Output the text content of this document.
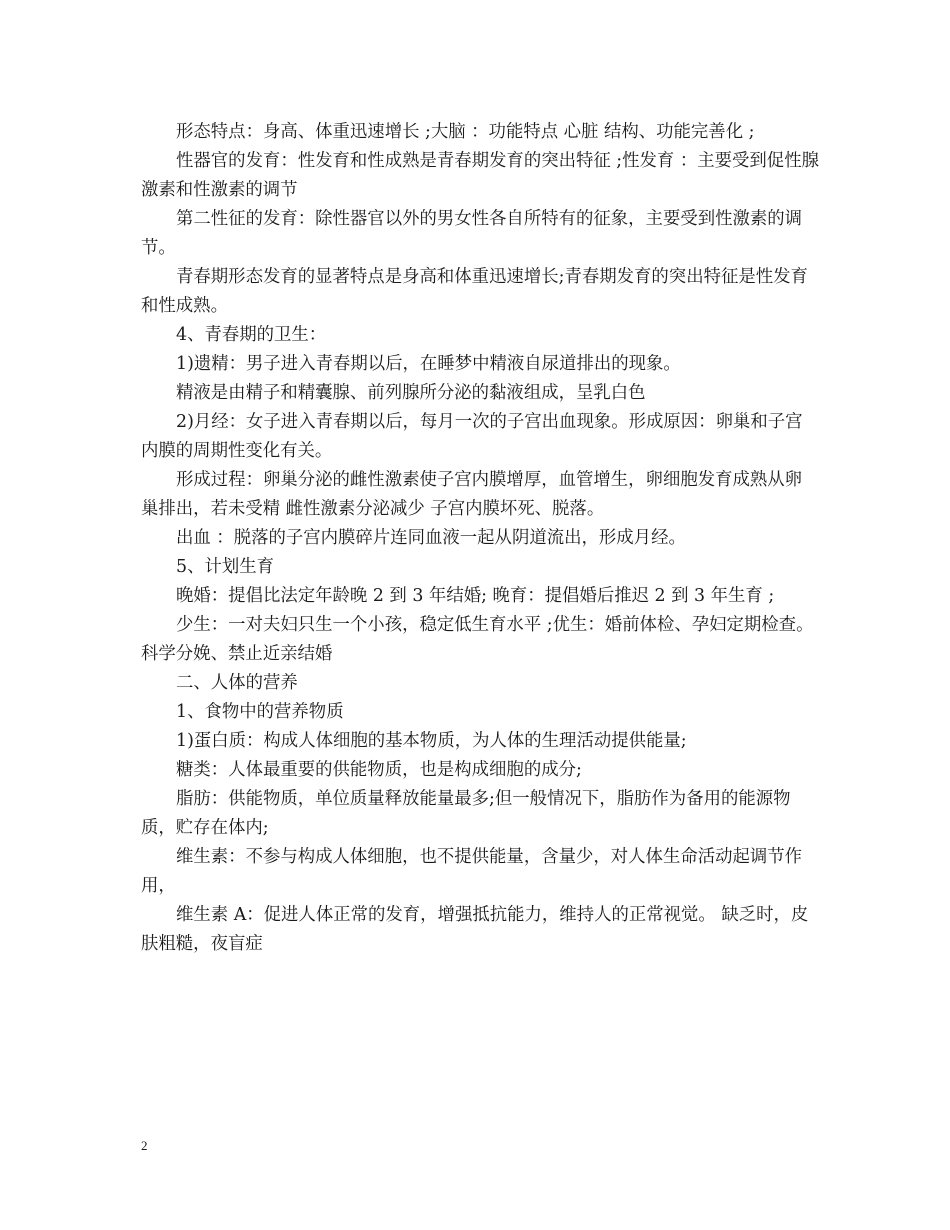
形态特点：身高、体重迅速增长 ;大脑 ：功能特点 心脏 结构、功能完善化 ;

性器官的发育：性发育和性成熟是青春期发育的突出特征 ;性发育 ：主要受到促性腺激素和性激素的调节

第二性征的发育：除性器官以外的男女性各自所特有的征象，主要受到性激素的调节。

青春期形态发育的显著特点是身高和体重迅速增长;青春期发育的突出特征是性发育和性成熟。

4、青春期的卫生：

1)遗精：男子进入青春期以后，在睡梦中精液自尿道排出的现象。

精液是由精子和精囊腺、前列腺所分泌的黏液组成，呈乳白色

2)月经：女子进入青春期以后，每月一次的子宫出血现象。形成原因：卵巢和子宫内膜的周期性变化有关。

形成过程：卵巢分泌的雌性激素使子宫内膜增厚，血管增生，卵细胞发育成熟从卵巢排出，若未受精 雌性激素分泌减少 子宫内膜坏死、脱落。

出血 ：脱落的子宫内膜碎片连同血液一起从阴道流出，形成月经。

5、计划生育

晚婚：提倡比法定年龄晚 2 到 3 年结婚; 晚育：提倡婚后推迟 2 到 3 年生育 ;

少生：一对夫妇只生一个小孩，稳定低生育水平 ;优生：婚前体检、孕妇定期检查。科学分娩、禁止近亲结婚

二、人体的营养

1、食物中的营养物质

1)蛋白质：构成人体细胞的基本物质，为人体的生理活动提供能量;

糖类：人体最重要的供能物质，也是构成细胞的成分;

脂肪：供能物质，单位质量释放能量最多;但一般情况下，脂肪作为备用的能源物质，贮存在体内;

维生素：不参与构成人体细胞，也不提供能量，含量少，对人体生命活动起调节作用，

维生素 A：促进人体正常的发育，增强抵抗能力，维持人的正常视觉。 缺乏时，皮肤粗糙，夜盲症

2
